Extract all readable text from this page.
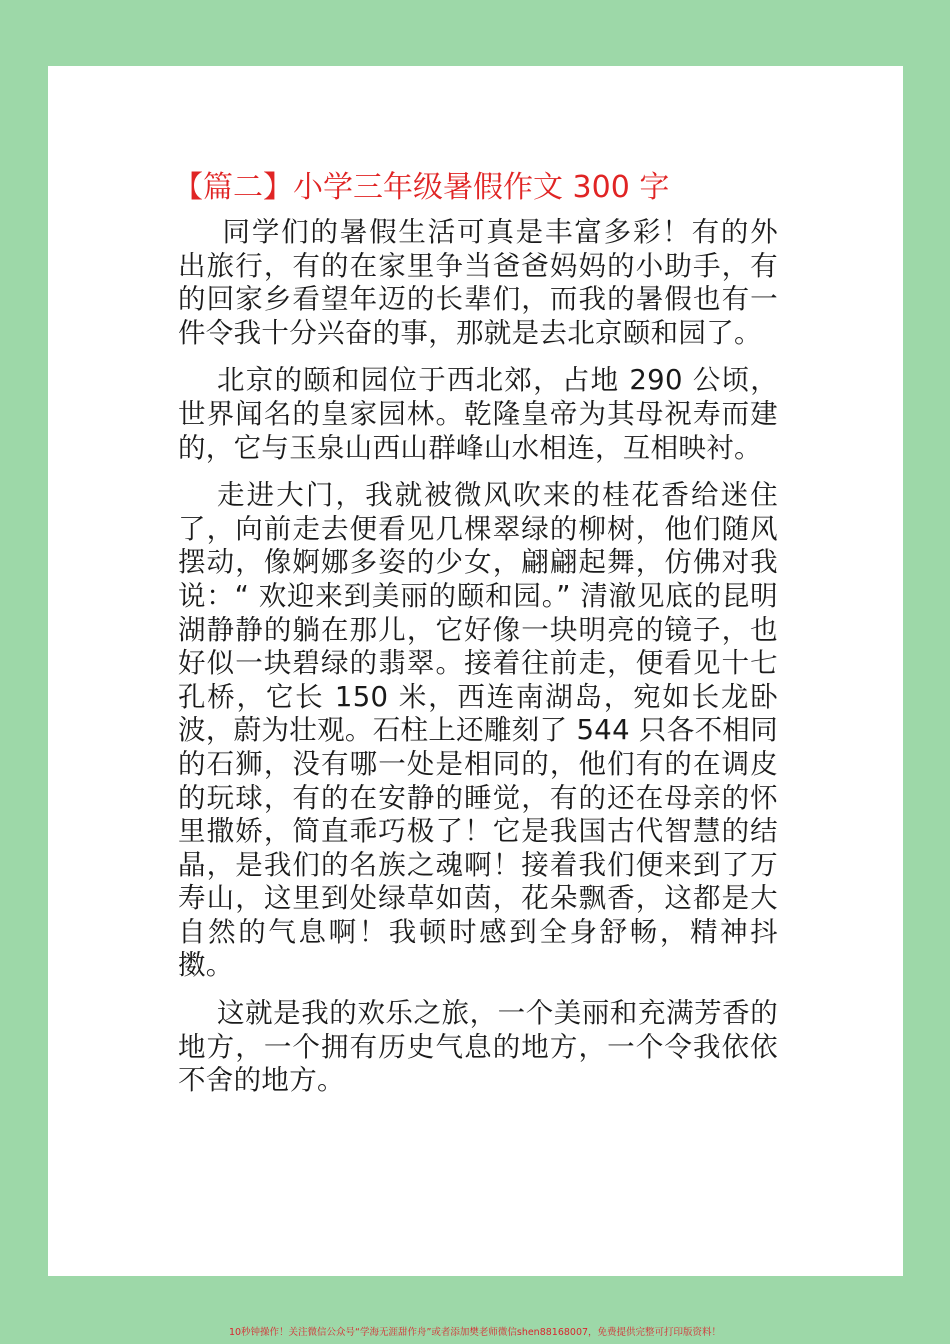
【篇二】小学三年级暑假作文 300 字

同学们的暑假生活可真是丰富多彩！有的外出旅行，有的在家里争当爸爸妈妈的小助手，有的回家乡看望年迈的长辈们，而我的暑假也有一件令我十分兴奋的事，那就是去北京颐和园了。

北京的颐和园位于西北郊，占地 290 公顷，世界闻名的皇家园林。乾隆皇帝为其母祝寿而建的，它与玉泉山西山群峰山水相连，互相映衬。

走进大门，我就被微风吹来的桂花香给迷住了，向前走去便看见几棵翠绿的柳树，他们随风摆动，像婀娜多姿的少女，翩翩起舞，仿佛对我说：“ 欢迎来到美丽的颐和园。” 清澈见底的昆明湖静静的躺在那儿，它好像一块明亮的镜子，也好似一块碧绿的翡翠。接着往前走，便看见十七孔桥，它长 150 米，西连南湖岛，宛如长龙卧波，蔚为壮观。石柱上还雕刻了 544 只各不相同的石狮，没有哪一处是相同的，他们有的在调皮的玩球，有的在安静的睡觉，有的还在母亲的怀里撒娇，简直乖巧极了！它是我国古代智慧的结晶，是我们的名族之魂啊！接着我们便来到了万寿山，这里到处绿草如茵，花朵飘香，这都是大自然的气息啊！我顿时感到全身舒畅，精神抖擞。

这就是我的欢乐之旅，一个美丽和充满芳香的地方，一个拥有历史气息的地方，一个令我依依不舍的地方。

10秒钟操作！关注微信公众号“学海无涯甜作舟”或者添加樊老师微信shen88168007，免费提供完整可打印版资料！
